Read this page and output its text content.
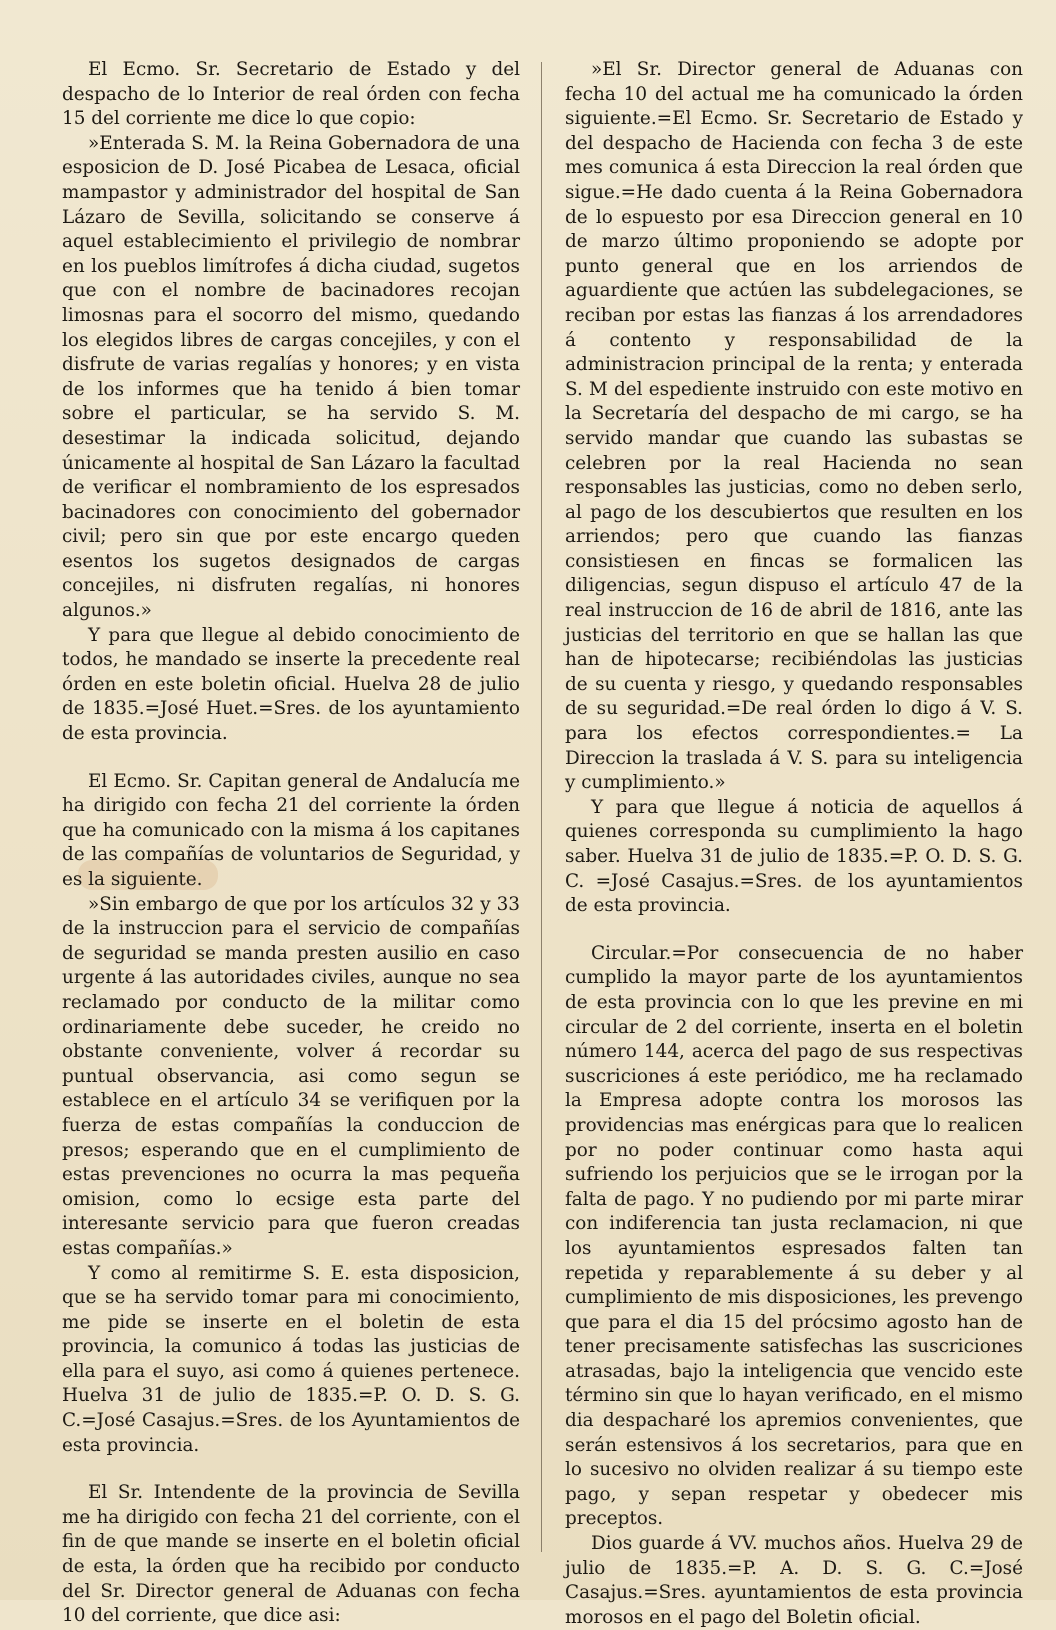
El Ecmo. Sr. Secretario de Estado y del despacho de lo Interior de real órden con fecha 15 del corriente me dice lo que copio:

»Enterada S. M. la Reina Gobernadora de una esposicion de D. José Picabea de Lesaca, oficial mampastor y administrador del hospital de San Lázaro de Sevilla, solicitando se conserve á aquel establecimiento el privilegio de nombrar en los pueblos limítrofes á dicha ciudad, sugetos que con el nombre de bacinadores recojan limosnas para el socorro del mismo, quedando los elegidos libres de cargas concejiles, y con el disfrute de varias regalías y honores; y en vista de los informes que ha tenido á bien tomar sobre el particular, se ha servido S. M. desestimar la indicada solicitud, dejando únicamente al hospital de San Lázaro la facultad de verificar el nombramiento de los espresados bacinadores con conocimiento del gobernador civil; pero sin que por este encargo queden esentos los sugetos designados de cargas concejiles, ni disfruten regalías, ni honores algunos.»

Y para que llegue al debido conocimiento de todos, he mandado se inserte la precedente real órden en este boletin oficial. Huelva 28 de julio de 1835.=José Huet.=Sres. de los ayuntamiento de esta provincia.

El Ecmo. Sr. Capitan general de Andalucía me ha dirigido con fecha 21 del corriente la órden que ha comunicado con la misma á los capitanes de las compañías de voluntarios de Seguridad, y es la siguiente.

»Sin embargo de que por los artículos 32 y 33 de la instruccion para el servicio de compañías de seguridad se manda presten ausilio en caso urgente á las autoridades civiles, aunque no sea reclamado por conducto de la militar como ordinariamente debe suceder, he creido no obstante conveniente, volver á recordar su puntual observancia, asi como segun se establece en el artículo 34 se verifiquen por la fuerza de estas compañías la conduccion de presos; esperando que en el cumplimiento de estas prevenciones no ocurra la mas pequeña omision, como lo ecsige esta parte del interesante servicio para que fueron creadas estas compañías.»

Y como al remitirme S. E. esta disposicion, que se ha servido tomar para mi conocimiento, me pide se inserte en el boletin de esta provincia, la comunico á todas las justicias de ella para el suyo, asi como á quienes pertenece. Huelva 31 de julio de 1835.=P. O. D. S. G. C.=José Casajus.=Sres. de los Ayuntamientos de esta provincia.

El Sr. Intendente de la provincia de Sevilla me ha dirigido con fecha 21 del corriente, con el fin de que mande se inserte en el boletin oficial de esta, la órden que ha recibido por conducto del Sr. Director general de Aduanas con fecha 10 del corriente, que dice asi:

»El Sr. Director general de Aduanas con fecha 10 del actual me ha comunicado la órden siguiente.=El Ecmo. Sr. Secretario de Estado y del despacho de Hacienda con fecha 3 de este mes comunica á esta Direccion la real órden que sigue.=He dado cuenta á la Reina Gobernadora de lo espuesto por esa Direccion general en 10 de marzo último proponiendo se adopte por punto general que en los arriendos de aguardiente que actúen las subdelegaciones, se reciban por estas las fianzas á los arrendadores á contento y responsabilidad de la administracion principal de la renta; y enterada S. M del espediente instruido con este motivo en la Secretaría del despacho de mi cargo, se ha servido mandar que cuando las subastas se celebren por la real Hacienda no sean responsables las justicias, como no deben serlo, al pago de los descubiertos que resulten en los arriendos; pero que cuando las fianzas consistiesen en fincas se formalicen las diligencias, segun dispuso el artículo 47 de la real instruccion de 16 de abril de 1816, ante las justicias del territorio en que se hallan las que han de hipotecarse; recibiéndolas las justicias de su cuenta y riesgo, y quedando responsables de su seguridad.=De real órden lo digo á V. S. para los efectos correspondientes.= La Direccion la traslada á V. S. para su inteligencia y cumplimiento.»

Y para que llegue á noticia de aquellos á quienes corresponda su cumplimiento la hago saber. Huelva 31 de julio de 1835.=P. O. D. S. G. C. =José Casajus.=Sres. de los ayuntamientos de esta provincia.

Circular.=Por consecuencia de no haber cumplido la mayor parte de los ayuntamientos de esta provincia con lo que les previne en mi circular de 2 del corriente, inserta en el boletin número 144, acerca del pago de sus respectivas suscriciones á este periódico, me ha reclamado la Empresa adopte contra los morosos las providencias mas enérgicas para que lo realicen por no poder continuar como hasta aqui sufriendo los perjuicios que se le irrogan por la falta de pago. Y no pudiendo por mi parte mirar con indiferencia tan justa reclamacion, ni que los ayuntamientos espresados falten tan repetida y reparablemente á su deber y al cumplimiento de mis disposiciones, les prevengo que para el dia 15 del prócsimo agosto han de tener precisamente satisfechas las suscriciones atrasadas, bajo la inteligencia que vencido este término sin que lo hayan verificado, en el mismo dia despacharé los apremios convenientes, que serán estensivos á los secretarios, para que en lo sucesivo no olviden realizar á su tiempo este pago, y sepan respetar y obedecer mis preceptos.

Dios guarde á VV. muchos años. Huelva 29 de julio de 1835.=P. A. D. S. G. C.=José Casajus.=Sres. ayuntamientos de esta provincia morosos en el pago del Boletin oficial.
